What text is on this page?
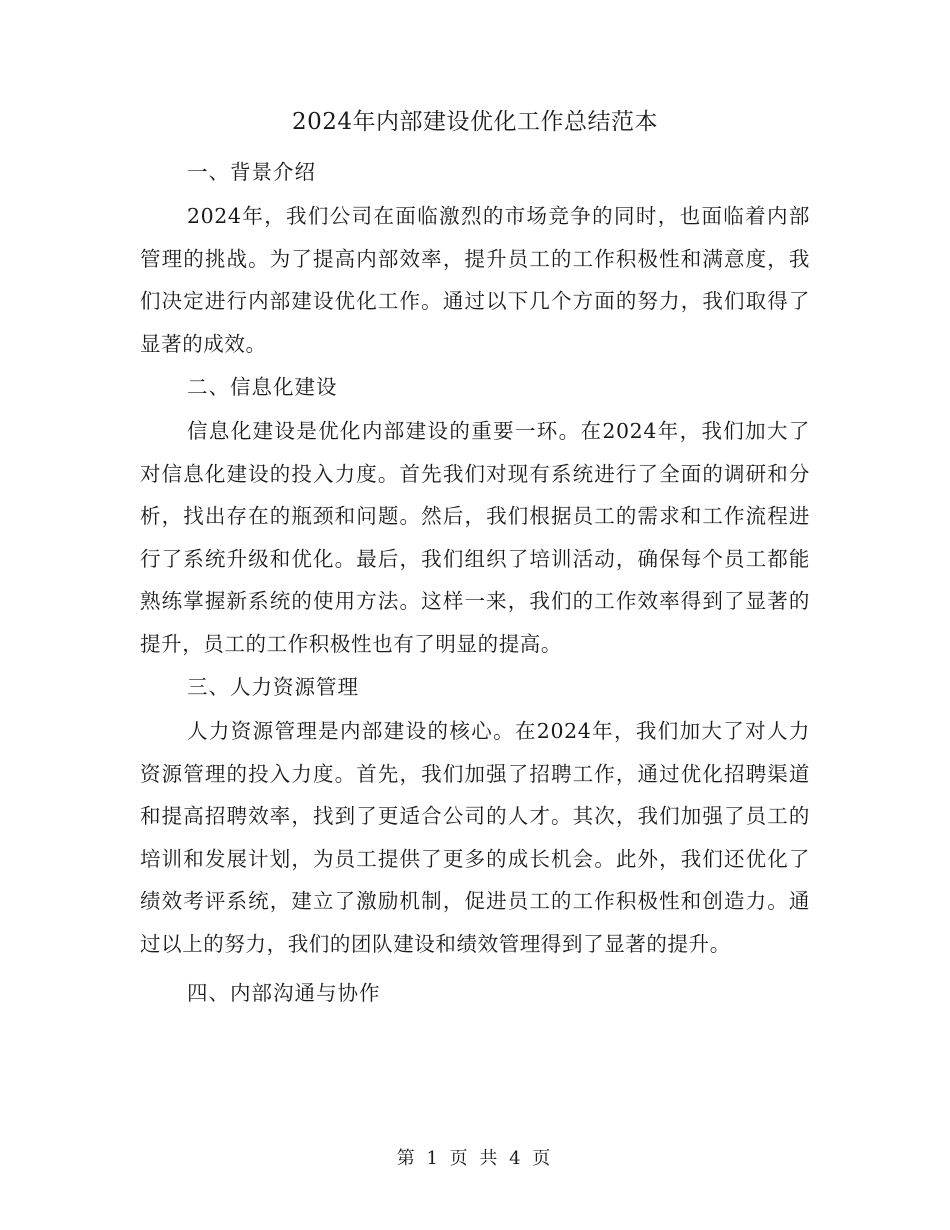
2024年内部建设优化工作总结范本

一、背景介绍

2024年，我们公司在面临激烈的市场竞争的同时，也面临着内部管理的挑战。为了提高内部效率，提升员工的工作积极性和满意度，我们决定进行内部建设优化工作。通过以下几个方面的努力，我们取得了显著的成效。

二、信息化建设

信息化建设是优化内部建设的重要一环。在2024年，我们加大了对信息化建设的投入力度。首先我们对现有系统进行了全面的调研和分析，找出存在的瓶颈和问题。然后，我们根据员工的需求和工作流程进行了系统升级和优化。最后，我们组织了培训活动，确保每个员工都能熟练掌握新系统的使用方法。这样一来，我们的工作效率得到了显著的提升，员工的工作积极性也有了明显的提高。

三、人力资源管理

人力资源管理是内部建设的核心。在2024年，我们加大了对人力资源管理的投入力度。首先，我们加强了招聘工作，通过优化招聘渠道和提高招聘效率，找到了更适合公司的人才。其次，我们加强了员工的培训和发展计划，为员工提供了更多的成长机会。此外，我们还优化了绩效考评系统，建立了激励机制，促进员工的工作积极性和创造力。通过以上的努力，我们的团队建设和绩效管理得到了显著的提升。

四、内部沟通与协作

第 1 页 共 4 页
